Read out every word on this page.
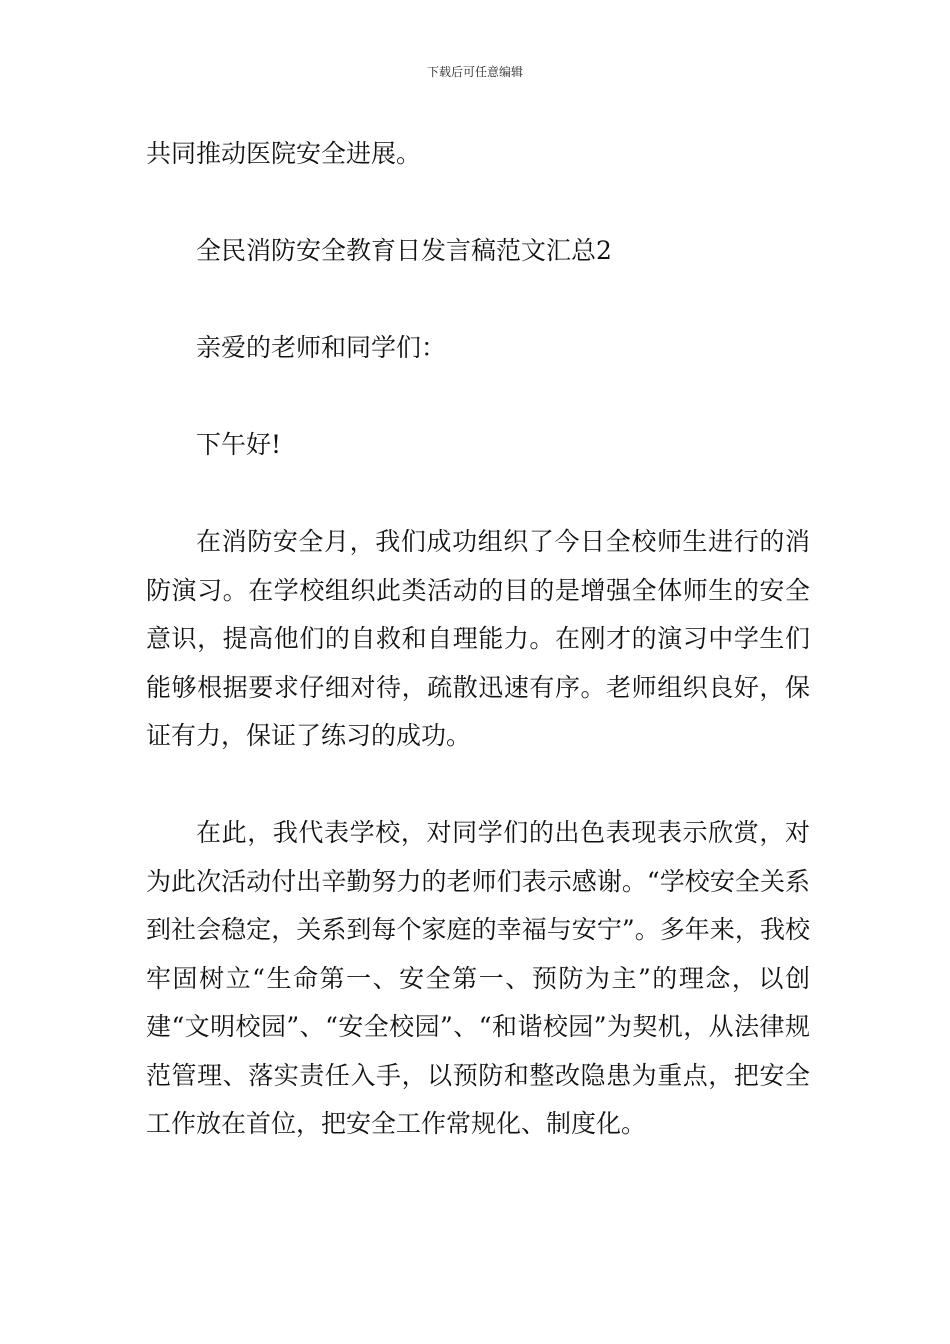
下载后可任意编辑

共同推动医院安全进展。

全民消防安全教育日发言稿范文汇总2

亲爱的老师和同学们：

下午好!

在消防安全月，我们成功组织了今日全校师生进行的消防演习。在学校组织此类活动的目的是增强全体师生的安全意识，提高他们的自救和自理能力。在刚才的演习中学生们能够根据要求仔细对待，疏散迅速有序。老师组织良好，保证有力，保证了练习的成功。

在此，我代表学校，对同学们的出色表现表示欣赏，对为此次活动付出辛勤努力的老师们表示感谢。“学校安全关系到社会稳定，关系到每个家庭的幸福与安宁”。多年来，我校牢固树立“生命第一、安全第一、预防为主”的理念，以创建“文明校园”、“安全校园”、“和谐校园”为契机，从法律规范管理、落实责任入手，以预防和整改隐患为重点，把安全工作放在首位，把安全工作常规化、制度化。
